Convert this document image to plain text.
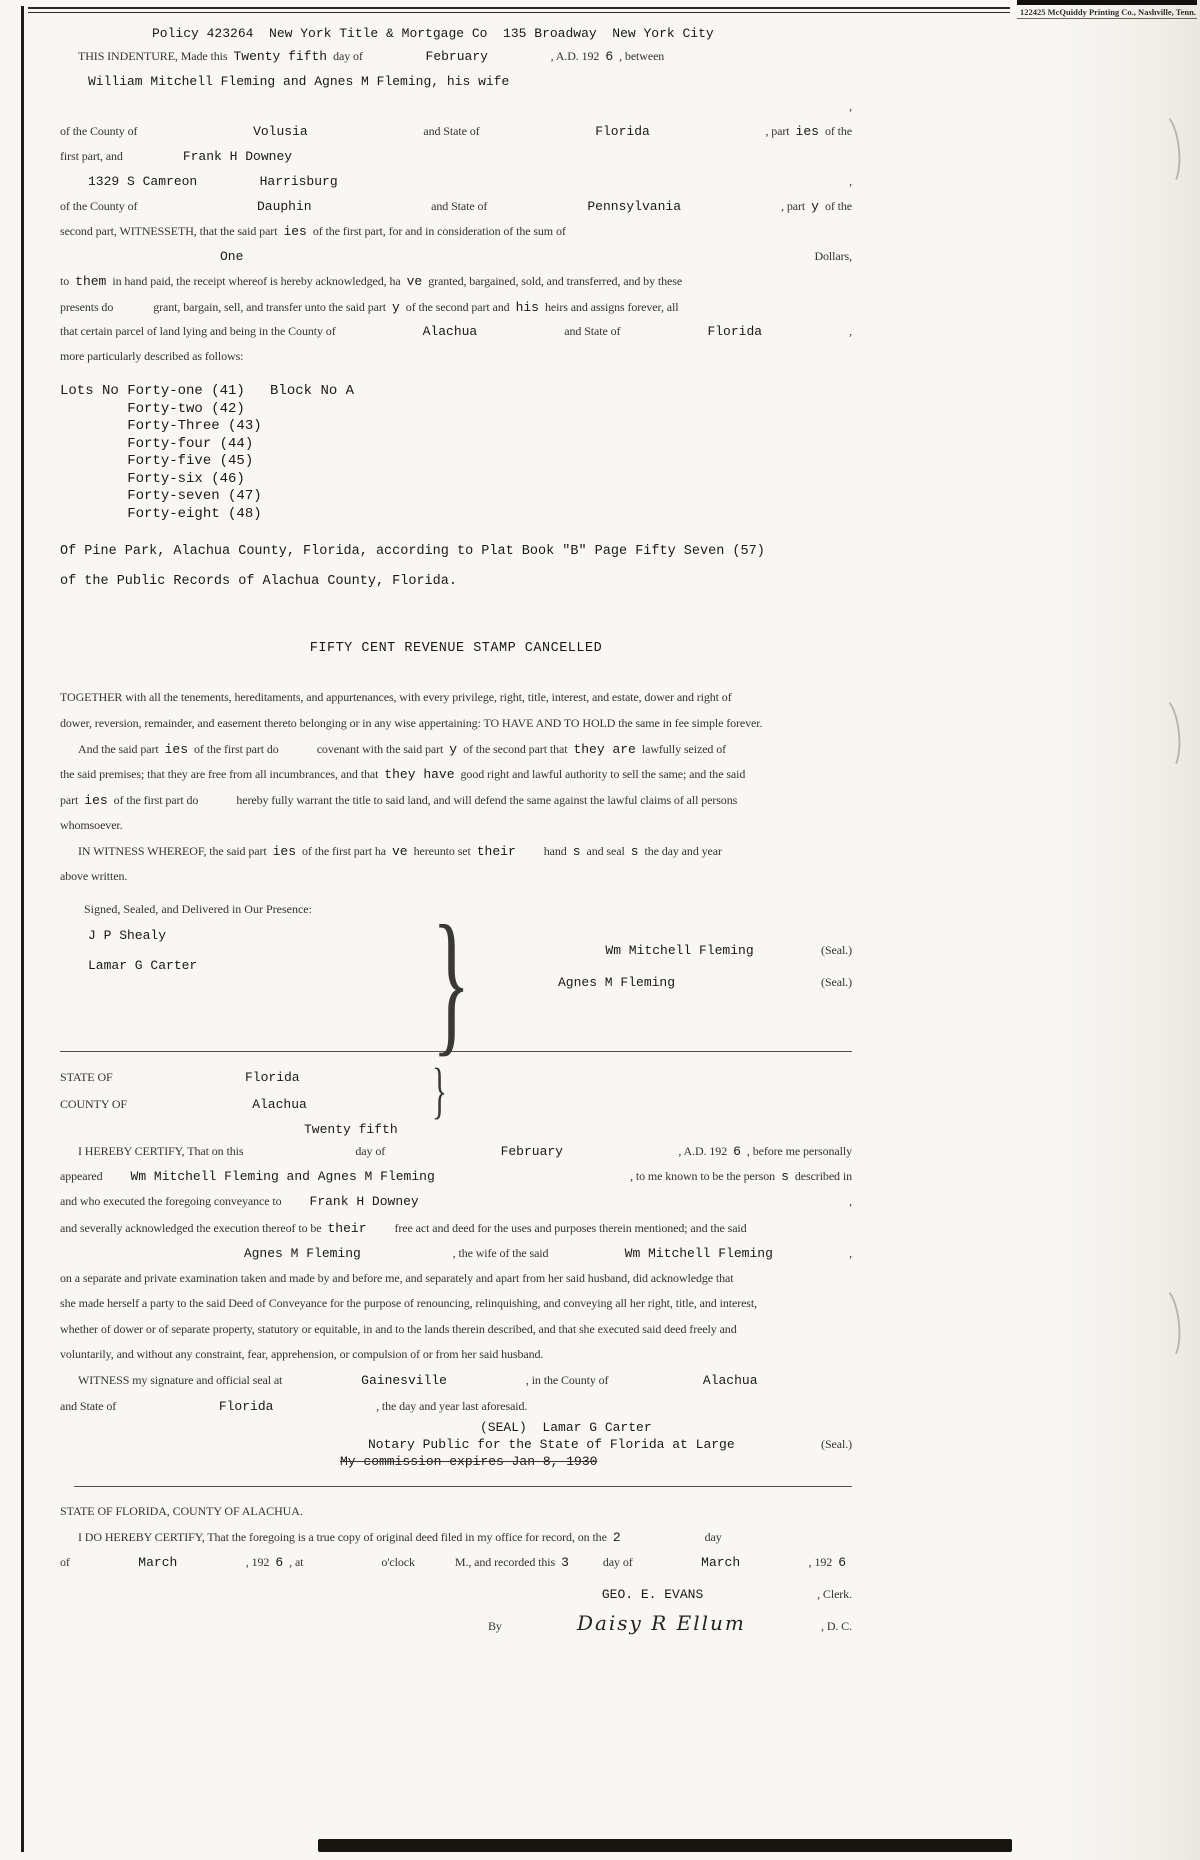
122425 McQuiddy Printing Co., Nashville, Tenn.
Policy 423264  New York Title & Mortgage Co  135 Broadway  New York City
THIS INDENTURE, Made this Twenty fifth day of	February	, A.D. 192 6 , between

William Mitchell Fleming and Agnes M Fleming, his wife

,
of the County of	Volusia	and State of	Florida	, part ies of the
first part, and	Frank H Downey
1329 S Camreon        Harrisburg	,
of the County of	Dauphin	and State of	Pennsylvania	, part y of the
second part, WITNESSETH, that the said part ies of the first part, for and in consideration of the sum of

One	Dollars,
to them in hand paid, the receipt whereof is hereby acknowledged, ha ve granted, bargained, sold, and transferred, and by these
presents do
	grant, bargain, sell, and transfer unto the said part y of the second part and his heirs and assigns forever, all
that certain parcel of land lying and being in the County of	Alachua	and State of	Florida	,
more particularly described as follows:
Lots No Forty-one (41)   Block No A
Forty-two (42)
Forty-Three (43)
Forty-four (44)
Forty-five (45)
Forty-six (46)
Forty-seven (47)
Forty-eight (48)
Of Pine Park, Alachua County, Florida, according to Plat Book "B" Page Fifty Seven (57)
of the Public Records of Alachua County, Florida.
FIFTY CENT REVENUE STAMP CANCELLED
TOGETHER with all the tenements, hereditaments, and appurtenances, with every privilege, right, title, interest, and estate, dower and right of
dower, reversion, remainder, and easement thereto belonging or in any wise appertaining: TO HAVE AND TO HOLD the same in fee simple forever.
And the said part ies of the first part do
	covenant with the said part y of the second part that they are lawfully seized of
the said premises; that they are free from all incumbrances, and that they have good right and lawful authority to sell the same; and the said
part ies of the first part do
	hereby fully warrant the title to said land, and will defend the same against the lawful claims of all persons
whomsoever.
IN WITNESS WHEREOF, the said part ies of the first part ha ve hereunto set their
	hand s and seal s the day and year
above written.
Signed, Sealed, and Delivered in Our Presence:
J P Shealy
Lamar G Carter

	}
	Wm Mitchell Fleming	(Seal.)
Agnes M Fleming	(Seal.)
STATE OF	Florida
COUNTY OF	Alachua	}
Twenty fifth
I HEREBY CERTIFY, That on this
	day of	February	, A.D. 192 6 , before me personally
appeared	Wm Mitchell Fleming and Agnes M Fleming	, to me known to be the person s described in
and who executed the foregoing conveyance to	Frank H Downey	,
and severally acknowledged the execution thereof to be their
	free act and deed for the uses and purposes therein mentioned; and the said

Agnes M Fleming	, the wife of the said	Wm Mitchell Fleming	,
on a separate and private examination taken and made by and before me, and separately and apart from her said husband, did acknowledge that
she made herself a party to the said Deed of Conveyance for the purpose of renouncing, relinquishing, and conveying all her right, title, and interest,
whether of dower or of separate property, statutory or equitable, in and to the lands therein described, and that she executed said deed freely and
voluntarily, and without any constraint, fear, apprehension, or compulsion of or from her said husband.
WITNESS my signature and official seal at	Gainesville	, in the County of	Alachua
and State of	Florida	, the day and year last aforesaid.

(SEAL)  Lamar G Carter
Notary Public for the State of Florida at Large	(Seal.)
My commission expires Jan 8, 1930
STATE OF FLORIDA, COUNTY OF ALACHUA.
I DO HEREBY CERTIFY, That the foregoing is a true copy of original deed filed in my office for record, on the 2
	day
of	March	, 192 6 , at
	o'clock
	M., and recorded this 3
	day of	March	, 192 6
GEO. E. EVANS	, Clerk.
By	Daisy R Ellum	, D. C.
